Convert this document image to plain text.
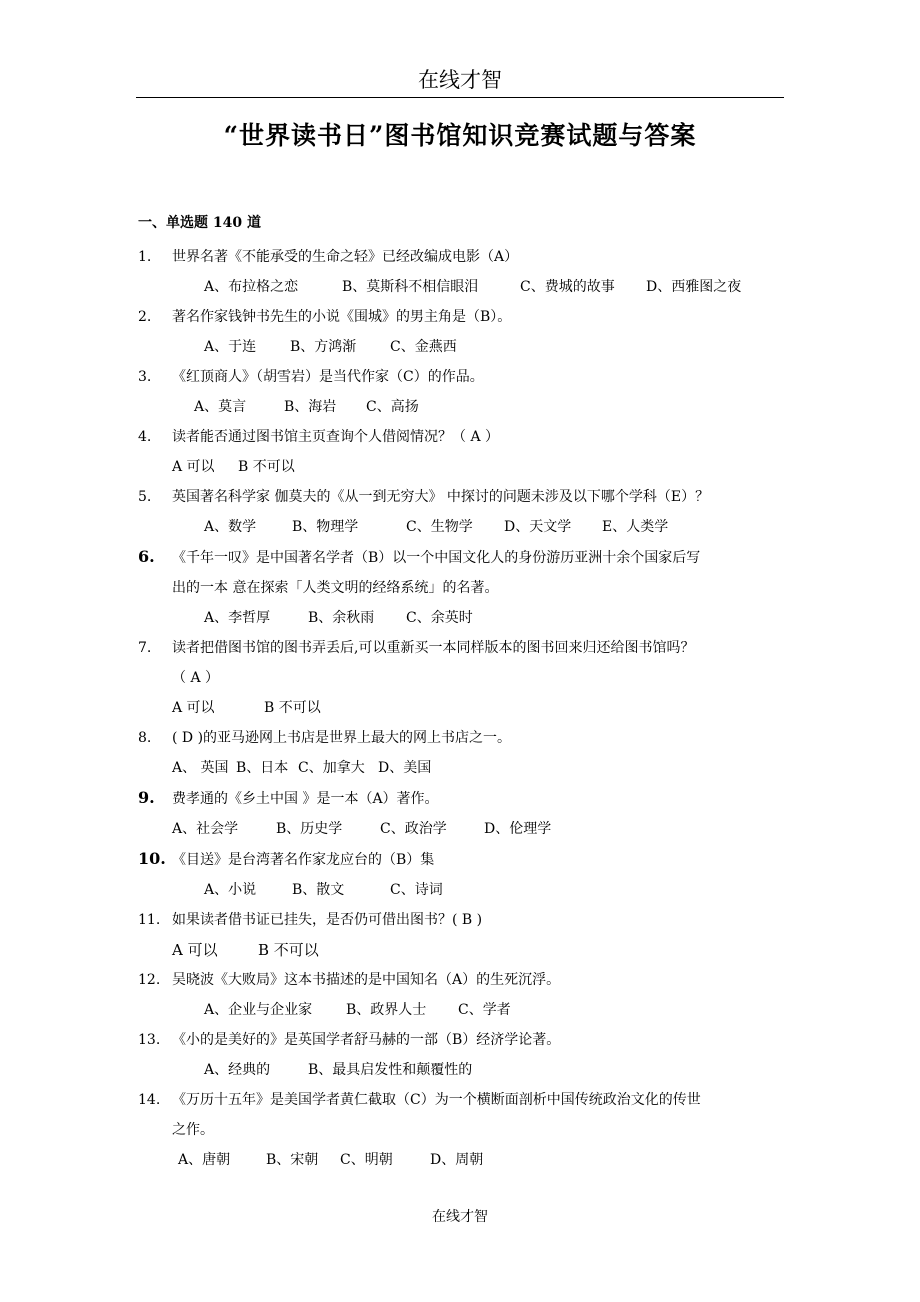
在线才智
“世界读书日”图书馆知识竞赛试题与答案
一、单选题 140 道
1. 世界名著《不能承受的生命之轻》已经改编成电影（A）
A、布拉格之恋	B、莫斯科不相信眼泪	C、费城的故事 D、西雅图之夜
2. 著名作家钱钟书先生的小说《围城》的男主角是（B）。
A、于连 B、方鸿渐 C、金燕西
3. 《红顶商人》（胡雪岩）是当代作家（C）的作品。
A、莫言	B、海岩 C、高扬
4. 读者能否通过图书馆主页查询个人借阅情况？（ A ）
A 可以 B 不可以
5. 英国著名科学家 伽莫夫的《从一到无穷大》 中探讨的问题未涉及以下哪个学科（E）？
A、数学	B、物理学	C、生物学 D、天文学 E、人类学
6. 《千年一叹》是中国著名学者（B）以一个中国文化人的身份游历亚洲十余个国家后写
出的一本 意在探索「人类文明的经络系统」的名著。
A、李哲厚	B、余秋雨 C、余英时
7. 读者把借图书馆的图书弄丢后,可以重新买一本同样版本的图书回来归还给图书馆吗？
（ A ）
A 可以	B 不可以
8. ( D )的亚马逊网上书店是世界上最大的网上书店之一。
A、 英国 B、日本 C、加拿大 D、美国
9. 费孝通的《乡土中国 》是一本（A）著作。
A、社会学	B、历史学	C、政治学	D、伦理学
10. 《目送》是台湾著名作家龙应台的（B）集
A、小说	B、散文	C、诗词
11. 如果读者借书证已挂失，是否仍可借出图书？( B )
A 可以	B 不可以
12. 吴晓波《大败局》这本书描述的是中国知名（A）的生死沉浮。
A、企业与企业家 B、政界人士 C、学者
13. 《小的是美好的》是英国学者舒马赫的一部（B）经济学论著。
A、经典的	B、最具启发性和颠覆性的
14. 《万历十五年》是美国学者黄仁截取（C）为一个横断面剖析中国传统政治文化的传世
之作。
A、唐朝	B、宋朝 C、明朝	D、周朝
在线才智
